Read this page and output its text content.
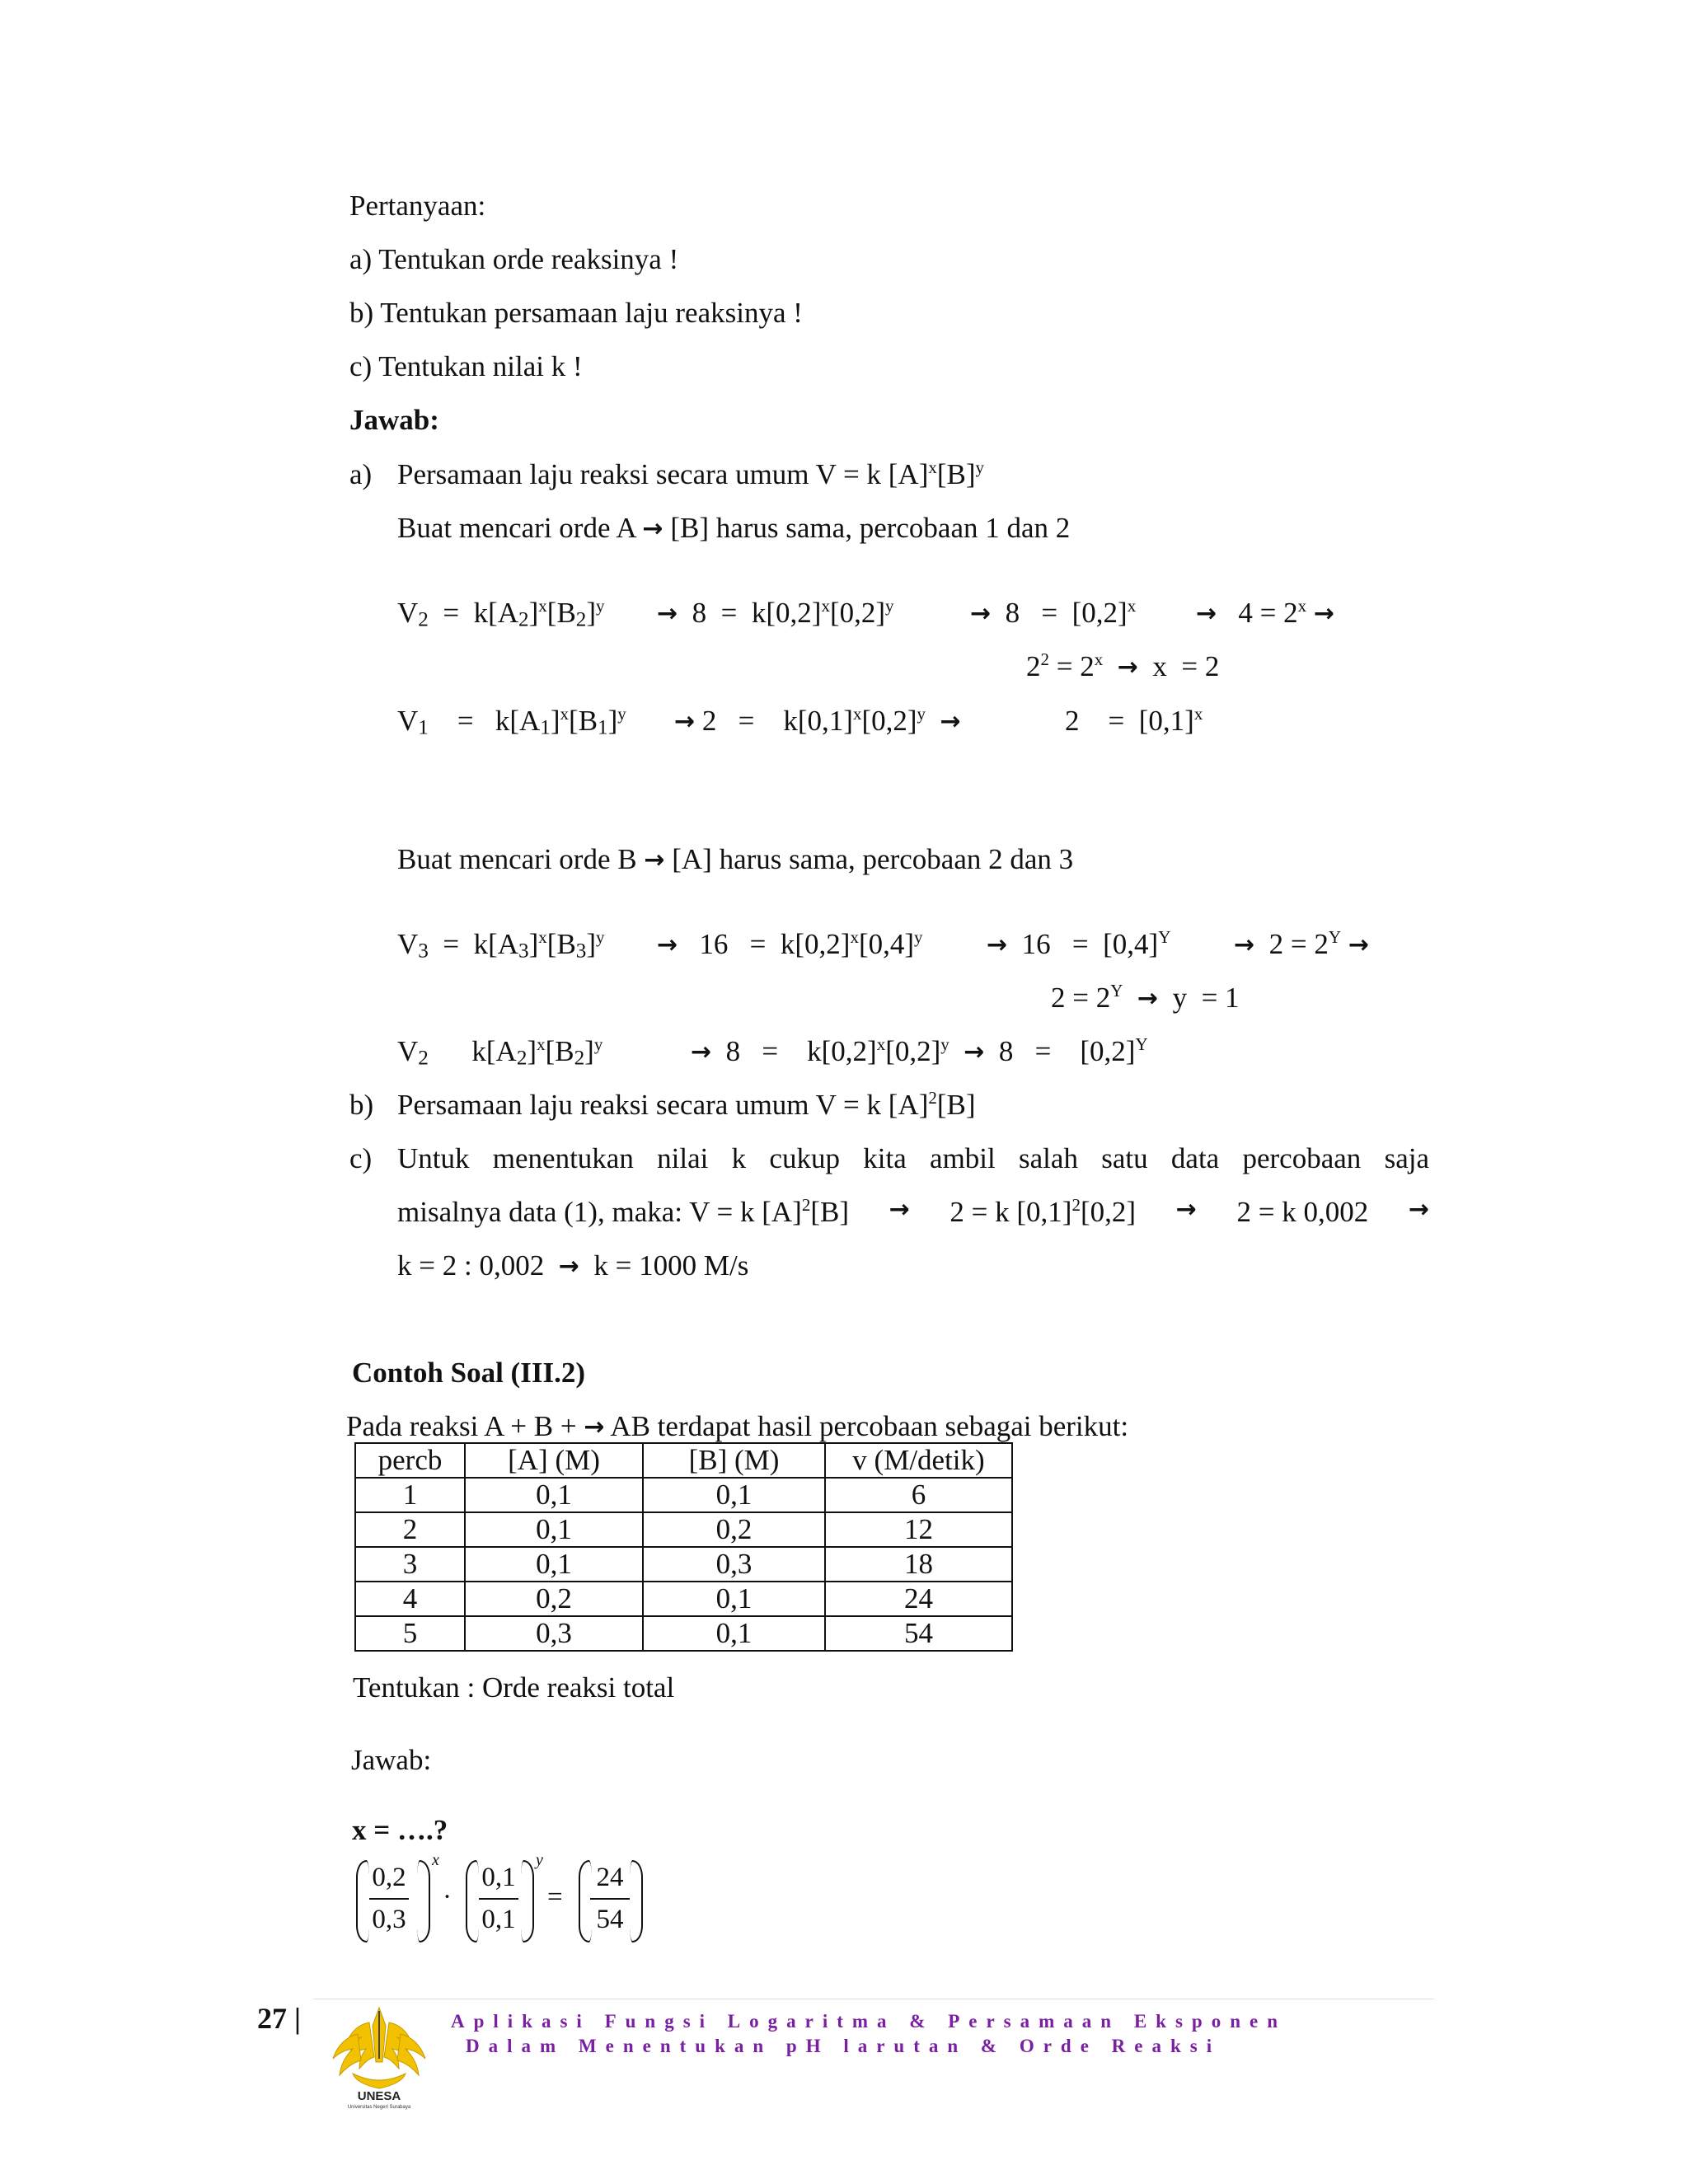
Pertanyaan:
a) Tentukan orde reaksinya !
b) Tentukan persamaan laju reaksinya !
c) Tentukan nilai k !
Jawab:
a) Persamaan laju reaksi secara umum V = k $[A]^x[B]^y$
Buat mencari orde A → [B] harus sama, percobaan 1 dan 2
$V_2 = k[A_2]^x[B_2]^y \to 8 = k[0,2]^x[0,2]^y$	→  $8 = [0,2]^x \to 4 = 2^x$ →
$2^2 = 2^x \to x = 2$
$V_1$    =   $k[A_1]^x[B_1]^y \to 2$   =    $k[0,1]^x[0,2]^y$ →	2    =  $[0,1]^x$
Buat mencari orde B → [A] harus sama, percobaan 2 dan 3
$V_3 = k[A_3]^x[B_3]^y \to 16 = k[0,2]^x[0,4]^y$	→  $16 = [0,4]^Y$	→  $2 = 2^Y$ →
$2 = 2^Y \to y = 1$
$V_2$      $k[A_2]^x[B_2]^y$	→  8   =    $k[0,2]^x[0,2]^y \to 8$   =    $[0,2]^Y$
b) Persamaan laju reaksi secara umum V = k $[A]^2[B]$
c) Untuk menentukan nilai k cukup kita ambil salah satu data percobaan saja
misalnya data (1), maka: V = k $[A]^2[B] \to 2 = k$ $[0,1]^2[0,2] \to 2 = k$ 0,002 →
k = 2 : 0,002 → k = 1000 M/s
Contoh Soal (III.2)
Pada reaksi A + B + → AB terdapat hasil percobaan sebagai berikut:
percb	[A] (M)	[B] (M)	v (M/detik)
1	0,1	0,1	6
2	0,1	0,2	12
3	0,1	0,3	18
4	0,2	0,1	24
5	0,3	0,1	54
Tentukan : Orde reaksi total
Jawab:
x = ….?
0,2
0,3
x
·
0,1
0,1
y
=
24
54
27 |
UNESA
Universitas Negeri Surabaya
Aplikasi Fungsi Logaritma & Persamaan Eksponen
Dalam Menentukan pH larutan & Orde Reaksi
